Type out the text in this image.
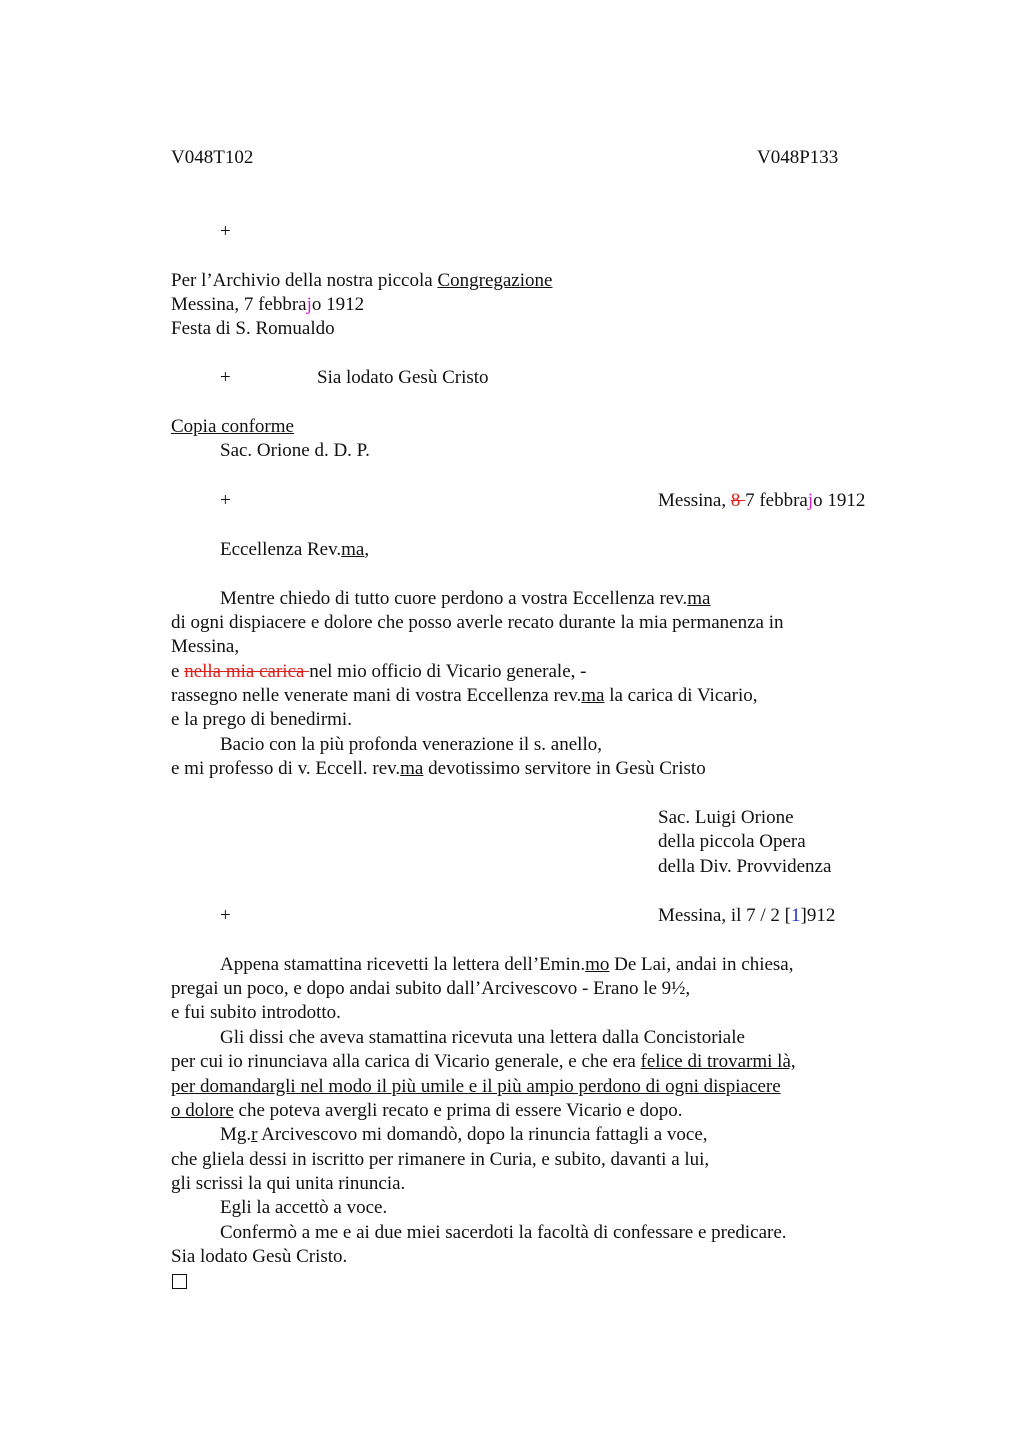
V048T102	V048P133
+
Per l’Archivio della nostra piccola Congregazione
Messina, 7 febbrajo 1912
Festa di S. Romualdo
+	Sia lodato Gesù Cristo
Copia conforme
Sac. Orione d. D. P.
+	Messina, 8 7 febbrajo 1912
Eccellenza Rev.ma,
Mentre chiedo di tutto cuore perdono a vostra Eccellenza rev.ma
di ogni dispiacere e dolore che posso averle recato durante la mia permanenza in
Messina,
e nella mia carica nel mio officio di Vicario generale, -
rassegno nelle venerate mani di vostra Eccellenza rev.ma la carica di Vicario,
e la prego di benedirmi.
Bacio con la più profonda venerazione il s. anello,
e mi professo di v. Eccell. rev.ma devotissimo servitore in Gesù Cristo
Sac. Luigi Orione
della piccola Opera
della Div. Provvidenza
+	Messina, il 7 / 2 [1]912
Appena stamattina ricevetti la lettera dell’Emin.mo De Lai, andai in chiesa,
pregai un poco, e dopo andai subito dall’Arcivescovo - Erano le 9½,
e fui subito introdotto.
Gli dissi che aveva stamattina ricevuta una lettera dalla Concistoriale
per cui io rinunciava alla carica di Vicario generale, e che era felice di trovarmi là,
per domandargli nel modo il più umile e il più ampio perdono di ogni dispiacere
o dolore che poteva avergli recato e prima di essere Vicario e dopo.
Mg.r Arcivescovo mi domandò, dopo la rinuncia fattagli a voce,
che gliela dessi in iscritto per rimanere in Curia, e subito, davanti a lui,
gli scrissi la qui unita rinuncia.
Egli la accettò a voce.
Confermò a me e ai due miei sacerdoti la facoltà di confessare e predicare.
Sia lodato Gesù Cristo.
